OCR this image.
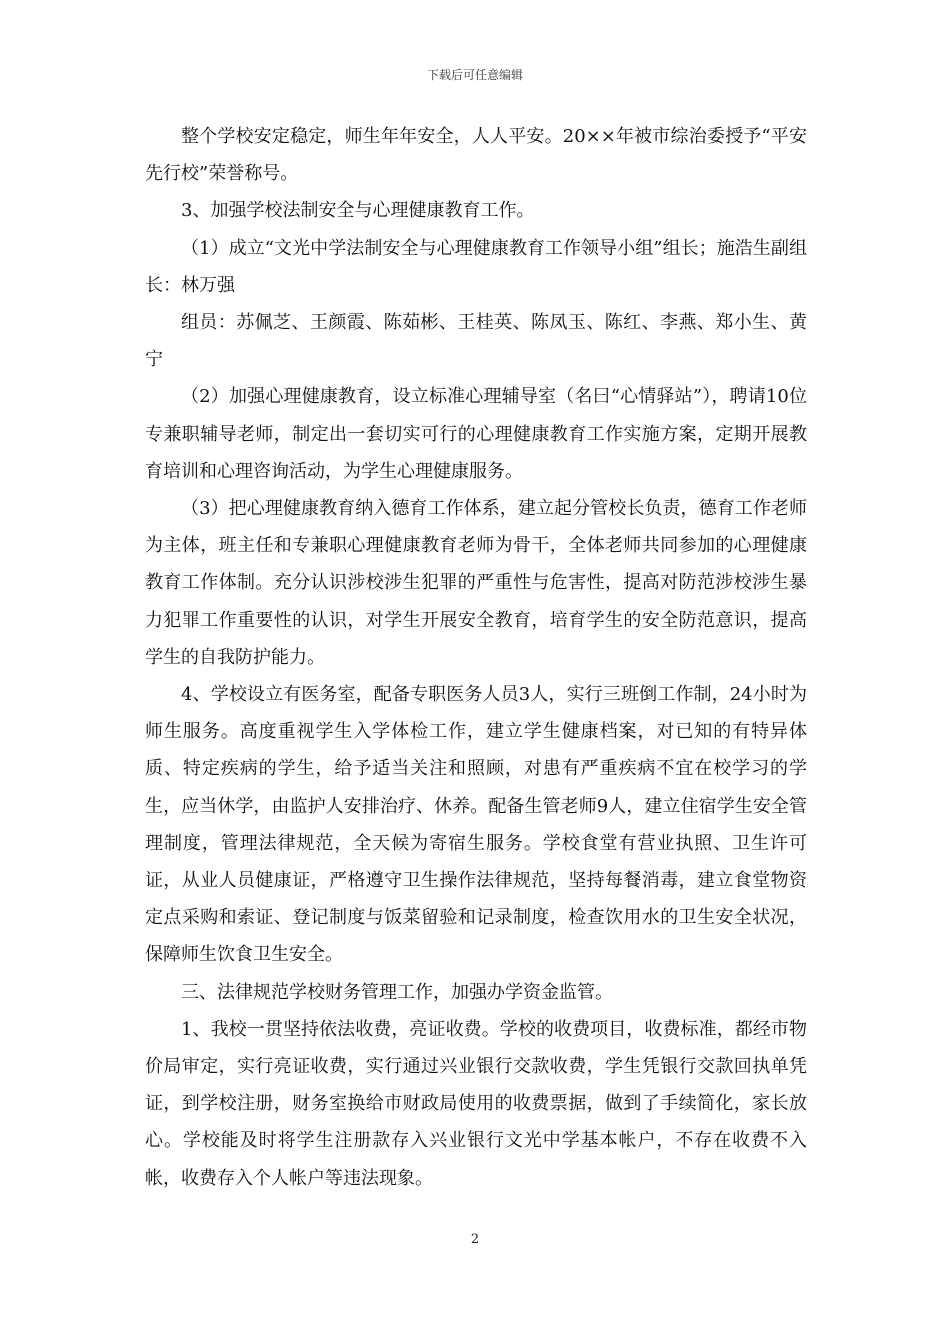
下载后可任意编辑

整个学校安定稳定，师生年年安全，人人平安。20××年被市综治委授予“平安先行校”荣誉称号。

3、加强学校法制安全与心理健康教育工作。

（1）成立“文光中学法制安全与心理健康教育工作领导小组”组长；施浩生副组长：林万强

组员：苏佩芝、王颜霞、陈茹彬、王桂英、陈凤玉、陈红、李燕、郑小生、黄宁

（2）加强心理健康教育，设立标准心理辅导室（名曰“心情驿站”），聘请10位专兼职辅导老师，制定出一套切实可行的心理健康教育工作实施方案，定期开展教育培训和心理咨询活动，为学生心理健康服务。

（3）把心理健康教育纳入德育工作体系，建立起分管校长负责，德育工作老师为主体，班主任和专兼职心理健康教育老师为骨干，全体老师共同参加的心理健康教育工作体制。充分认识涉校涉生犯罪的严重性与危害性，提高对防范涉校涉生暴力犯罪工作重要性的认识，对学生开展安全教育，培育学生的安全防范意识，提高学生的自我防护能力。

4、学校设立有医务室，配备专职医务人员3人，实行三班倒工作制，24小时为师生服务。高度重视学生入学体检工作，建立学生健康档案，对已知的有特异体质、特定疾病的学生，给予适当关注和照顾，对患有严重疾病不宜在校学习的学生，应当休学，由监护人安排治疗、休养。配备生管老师9人，建立住宿学生安全管理制度，管理法律规范，全天候为寄宿生服务。学校食堂有营业执照、卫生许可证，从业人员健康证，严格遵守卫生操作法律规范，坚持每餐消毒，建立食堂物资定点采购和索证、登记制度与饭菜留验和记录制度，检查饮用水的卫生安全状况，保障师生饮食卫生安全。

三、法律规范学校财务管理工作，加强办学资金监管。

1、我校一贯坚持依法收费，亮证收费。学校的收费项目，收费标准，都经市物价局审定，实行亮证收费，实行通过兴业银行交款收费，学生凭银行交款回执单凭证，到学校注册，财务室换给市财政局使用的收费票据，做到了手续简化，家长放心。学校能及时将学生注册款存入兴业银行文光中学基本帐户，不存在收费不入帐，收费存入个人帐户等违法现象。

2
